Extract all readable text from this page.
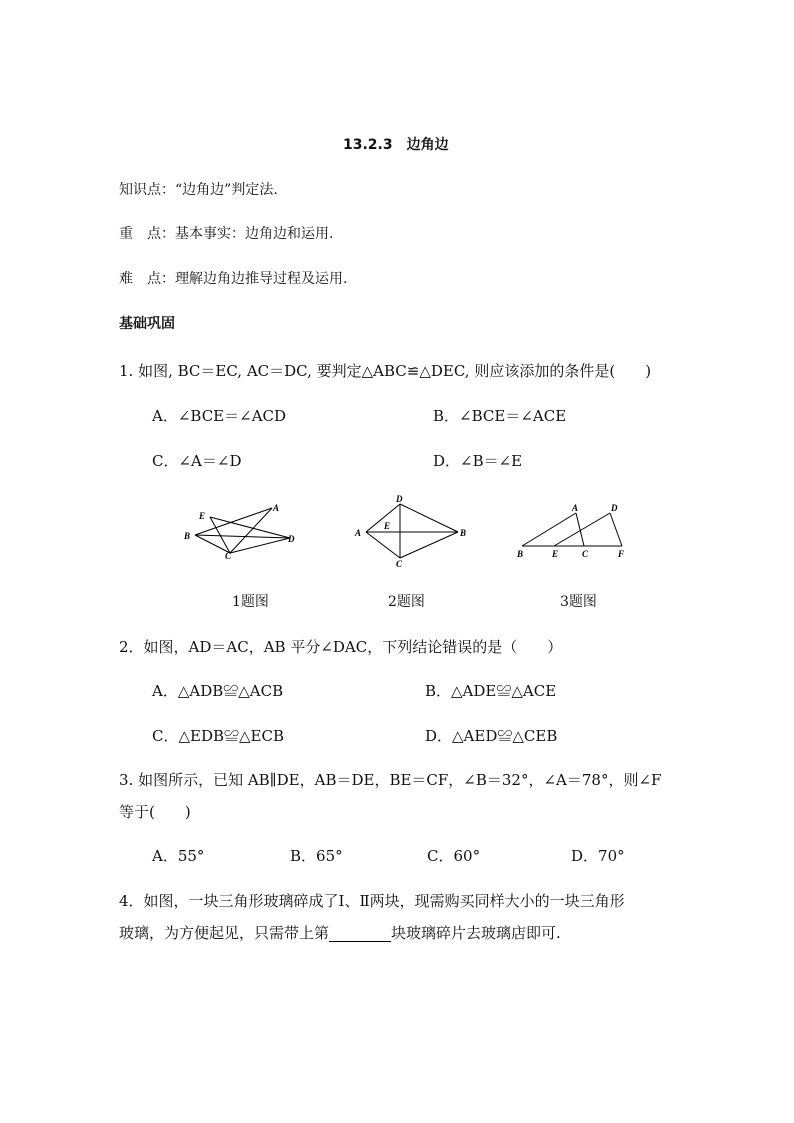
13.2.3　边角边
知识点：“边角边”判定法.
重　点：基本事实：边角边和运用.
难　点：理解边角边推导过程及运用.
基础巩固
1. 如图, BC＝EC, AC＝DC, 要判定△ABC≌△DEC, 则应该添加的条件是(　　)
A．∠BCE＝∠ACD	B．∠BCE＝∠ACE
C．∠A＝∠D	D．∠B＝∠E
E
A
B	D
C
D
E
A	B
C
A	D
B	E	C	F
1题图	2题图	3题图
2．如图，AD＝AC，AB 平分∠DAC，下列结论错误的是（　　）
A．△ADB≌△ACB	B．△ADE≌△ACE
C．△EDB≌△ECB	D．△AED≌△CEB
3. 如图所示，已知 AB∥DE，AB＝DE，BE＝CF，∠B＝32°，∠A＝78°，则∠F
等于(　　)
A．55°	B．65°	C．60°	D．70°
4．如图，一块三角形玻璃碎成了Ⅰ、Ⅱ两块，现需购买同样大小的一块三角形
玻璃，为方便起见，只需带上第	块玻璃碎片去玻璃店即可.
